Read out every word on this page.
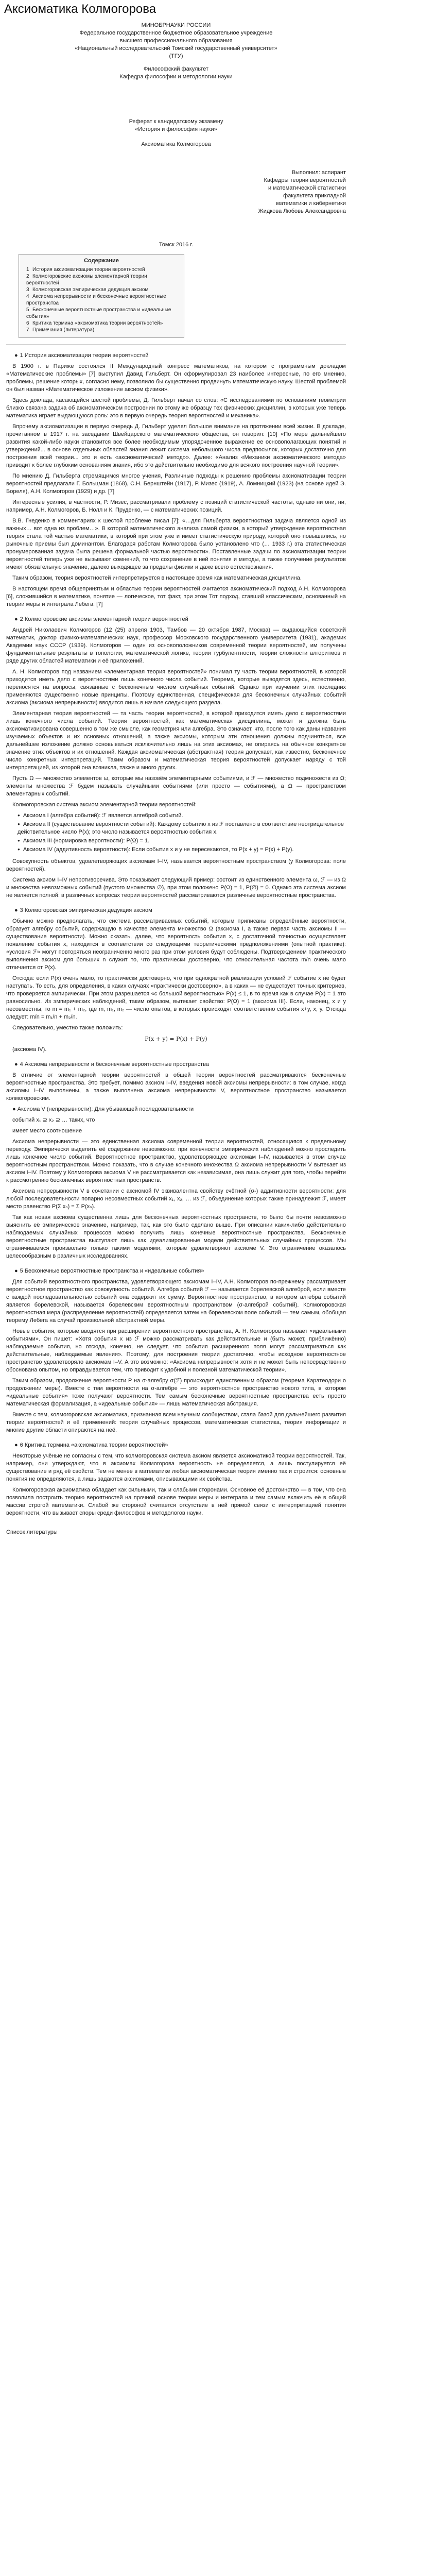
Аксиоматика Колмогорова

МИНОБРНАУКИ РОССИИ

Федеральное государственное бюджетное образовательное учреждение

высшего профессионального образования

«Национальный исследовательский Томский государственный университет»

(ТГУ)

Философский факультет

Кафедра философии и методологии науки

Реферат к кандидатскому экзамену

«История и философия науки»

Аксиоматика Колмогорова

Выполнил: аспирант

Кафедры теории вероятностей

и математической статистики

факультета прикладной

математики и кибернетики

Жидкова Любовь Александровна

Томск 2016 г.

Содержание
1 История аксиоматизации теории вероятностей
2 Колмогоровские аксиомы элементарной теории вероятностей
3 Колмогоровская эмпирическая дедукция аксиом
4 Аксиома непрерывности и бесконечные вероятностные пространства
5 Бесконечные вероятностные пространства и «идеальные события»
6 Критика термина «аксиоматика теории вероятностей»
7 Примечания (литература)
● 1 История аксиоматизации теории вероятностей

В 1900 г. в Париже состоялся II Международный конгресс математиков, на котором с программным докладом «Математические проблемы» [7] выступил Давид Гильберт. Он сформулировал 23 наиболее интересные, по его мнению, проблемы, решение которых, согласно нему, позволило бы существенно продвинуть математическую науку. Шестой проблемой он был назван «Математическое изложение аксиом физики».

Здесь доклада, касающейся шестой проблемы, Д. Гильберт начал со слов: «С исследованиями по основаниям геометрии близко связана задача об аксиоматическом построении по этому же образцу тех физических дисциплин, в которых уже теперь математика играет выдающуюся роль: это в первую очередь теория вероятностей и механика».

Впрочему аксиоматизации в первую очередь Д. Гильберт уделял большое внимание на протяжении всей жизни. В докладе, прочитанном в 1917 г. на заседании Швейцарского математического общества, он говорил: [10] «По мере дальнейшего развития какой-либо науки становится все более необходимым упорядоченное выражение ее основополагающих понятий и утверждений... в основе отдельных областей знания лежит система небольшого числа предпосылок, которых достаточно для построения всей теории... это и есть «аксиоматический метод»». Далее: «Анализ «Механики аксиоматического метода» приводит к более глубоким основаниям знания, ибо это действительно необходимо для всякого построения научной теории».

По мнению Д. Гильберта стремящимся многое учения, Различные подходы к решению проблемы аксиоматизации теории вероятностей предлагали Г. Больцман (1868), С.Н. Бернштейн (1917), Р. Мизес (1919), А. Ломницкий (1923) (на основе идей Э. Бореля), А.Н. Колмогоров (1929) и др. [7]

Интересные усилия, в частности, Р. Мизес, рассматривали проблему с позиций статистической частоты, однако ни они, ни, например, А.Н. Колмогоров, Б. Нолл и К. Пруденко, — с математических позиций.

В.В. Гнеденко в комментариях к шестой проблеме писал [7]: «…для Гильберта вероятностная задача является одной из важных… вот одна из проблем…». В которой математического анализа самой физики, а который утверждение вероятностная теория стала той частью математики, в которой при этом уже и имеет статистическую природу, которой оно повышались, но рыночные приемы был доминантом. Благодаря работам Колмогорова было установлено что (… 1933 г.) эта статистическая пронумерованная задача была решена формальной частью вероятности». Поставленные задачи по аксиоматизации теории вероятностей теперь уже не вызывают сомнений, то что сохранение в ней понятия и методы, а также получение результатов имеют обязательную значение, далеко выходящее за пределы физики и даже всего естествознания.

Таким образом, теория вероятностей интерпретируется в настоящее время как математическая дисциплина.

В настоящем время общепринятым и областью теории вероятностей считается аксиоматический подход А.Н. Колмогорова [6], сложившийся в математике, понятие — логическое, тот факт, при этом Тот подход, ставший классическим, основанный на теории меры и интеграла Лебега. [7]

● 2 Колмогоровские аксиомы элементарной теории вероятностей

Андрей Николаевич Колмогоров (12 (25) апреля 1903, Тамбов — 20 октября 1987, Москва) — выдающийся советский математик, доктор физико-математических наук, профессор Московского государственного университета (1931), академик Академии наук СССР (1939). Колмогоров — один из основоположников современной теории вероятностей, им получены фундаментальные результаты в топологии, математической логике, теории турбулентности, теории сложности алгоритмов и ряде других областей математики и её приложений.

А. Н. Колмогоров под названием «элементарная теория вероятностей» понимал ту часть теории вероятностей, в которой приходится иметь дело с вероятностями лишь конечного числа событий. Теорема, которые выводятся здесь, естественно, переносятся на вопросы, связанные с бесконечным числом случайных событий. Однако при изучении этих последних применяются существенно новые принципы. Поэтому единственная, специфическая для бесконечных случайных событий аксиома (аксиома непрерывности) вводится лишь в начале следующего раздела.

Элементарная теория вероятностей — та часть теории вероятностей, в которой приходится иметь дело с вероятностями лишь конечного числа событий. Теория вероятностей, как математическая дисциплина, может и должна быть аксиоматизирована совершенно в том же смысле, как геометрия или алгебра. Это означает, что, после того как даны названия изучаемых объектов и их основных отношений, а также аксиомы, которым эти отношения должны подчиняться, все дальнейшее изложение должно основываться исключительно лишь на этих аксиомах, не опираясь на обычное конкретное значение этих объектов и их отношений. Каждая аксиоматическая (абстрактная) теория допускает, как известно, бесконечное число конкретных интерпретаций. Таким образом и математическая теория вероятностей допускает наряду с той интерпретацией, из которой она возникла, также и много других.

Пусть Ω — множество элементов ω, которые мы назовём элементарными событиями, и ℱ — множество подмножеств из Ω; элементы множества ℱ будем называть случайными событиями (или просто — событиями), а Ω — пространством элементарных событий.

Колмогоровская система аксиом элементарной теории вероятностей:

● Аксиома I (алгебра событий): ℱ является алгеброй событий.
● Аксиома II (существование вероятности событий): Каждому событию x из ℱ поставлено в соответствие неотрицательное действительное число P(x); это число называется вероятностью события x.
● Аксиома III (нормировка вероятности): P(Ω) = 1.
● Аксиома IV (аддитивность вероятности): Если события x и y не пересекаются, то P(x + y) = P(x) + P(y).

Совокупность объектов, удовлетворяющих аксиомам I–IV, называется вероятностным пространством (у Колмогорова: поле вероятностей).

Система аксиом I–IV непротиворечива. Это показывает следующий пример: состоит из единственного элемента ω, ℱ — из Ω и множества невозможных событий (пустого множества ∅), при этом положено P(Ω) = 1, P(∅) = 0. Однако эта система аксиом не является полной: в различных вопросах теории вероятностей рассматриваются различные вероятностные пространства.

● 3 Колмогоровская эмпирическая дедукция аксиом

Обычно можно предполагать, что система рассматриваемых событий, которым приписаны определённые вероятности, образует алгебру событий, содержащую в качестве элемента множество Ω (аксиома I, а также первая часть аксиомы II — существование вероятности). Можно сказать, далее, что вероятность события x, с достаточной точностью осуществляет появление события x, находится в соответствии со следующими теоретическими предположениями (опытной практике): «условия ℱ» могут повторяться неограниченно много раз при этом условия будут соблюдены. Подтверждением практического выполнения аксиом для больших n служит то, что практически достоверно, что относительная частота m/n очень мало отличается от P(x).

Отсюда: если P(x) очень мало, то практически достоверно, что при однократной реализации условий ℱ событие x не будет наступать. То есть, для определения, в каких случаях «практически достоверно», а в каких — не существует точных критериев, что проверяется эмпирически. При этом разрешается «с большой вероятностью» P(x) ≤ 1, в то время как в случае P(x) = 1 это равносильно. Из эмпирических наблюдений, таким образом, вытекает свойство: P(Ω) = 1 (аксиома III). Если, наконец, x и y несовместны, то m = m₁ + m₂, где m, m₁, m₂ — число опытов, в которых происходят соответственно события x+y, x, y. Отсюда следует: m/n = m₁/n + m₂/n.

Следовательно, уместно также положить:

P(x + y) = P(x) + P(y)

(аксиома IV).

● 4 Аксиома непрерывности и бесконечные вероятностные пространства

В отличие от элементарной теории вероятностей в общей теории вероятностей рассматриваются бесконечные вероятностные пространства. Это требует, помимо аксиом I–IV, введения новой аксиомы непрерывности: в том случае, когда аксиомы I–IV выполнены, а также выполнена аксиома непрерывности V, вероятностное пространство называется колмогоровским.

● Аксиома V (непрерывности): Для убывающей последовательности

событий x₁ ⊇ x₂ ⊇ … таких, что

имеет место соотношение

Аксиома непрерывности — это единственная аксиома современной теории вероятностей, относящаяся к предельному переходу. Эмпирически выделить её содержание невозможно: при конечности эмпирических наблюдений можно проследить лишь конечное число событий. Вероятностное пространство, удовлетворяющее аксиомам I–IV, называется в этом случае вероятностным пространством. Можно показать, что в случае конечного множества Ω аксиома непрерывности V вытекает из аксиом I–IV. Поэтому у Колмогорова аксиома V не рассматривается как независимая, она лишь служит для того, чтобы перейти к рассмотрению бесконечных вероятностных пространств.

Аксиома непрерывности V в сочетании с аксиомой IV эквивалентна свойству счётной (σ-) аддитивности вероятности: для любой последовательности попарно несовместных событий x₁, x₂, … из ℱ, объединение которых также принадлежит ℱ, имеет место равенство P(Σ xₙ) = Σ P(xₙ).

Так как новая аксиома существенна лишь для бесконечных вероятностных пространств, то было бы почти невозможно выяснить её эмпирическое значение, например, так, как это было сделано выше. При описании каких-либо действительно наблюдаемых случайных процессов можно получить лишь конечные вероятностные пространства. Бесконечные вероятностные пространства выступают лишь как идеализированные модели действительных случайных процессов. Мы ограничиваемся произвольно только такими моделями, которые удовлетворяют аксиоме V. Это ограничение оказалось целесообразным в различных исследованиях.

● 5 Бесконечные вероятностные пространства и «идеальные события»

Для событий вероятностного пространства, удовлетворяющего аксиомам I–IV, A.Н. Колмогоров по-прежнему рассматривает вероятностное пространство как совокупность событий. Алгебра событий ℱ — называется борелевской алгеброй, если вместе с каждой последовательностью событий она содержит их сумму. Вероятностное пространство, в котором алгебра событий является борелевской, называется борелевским вероятностным пространством (σ-алгеброй событий). Колмогоровская вероятностная мера (распределение вероятностей) определяется затем на борелевском поле событий — тем самым, обобщая теорему Лебега на случай произвольной абстрактной меры.

Новые события, которые вводятся при расширении вероятностного пространства, A. Н. Колмогоров называет «идеальными событиями». Он пишет: «Хотя события x из ℱ можно рассматривать как действительные и (быть может, приближённо) наблюдаемые события, но отсюда, конечно, не следует, что события расширенного поля могут рассматриваться как действительные, наблюдаемые явления». Поэтому, для построения теории достаточно, чтобы исходное вероятностное пространство удовлетворяло аксиомам I–V. А это возможно: «Аксиома непрерывности хотя и не может быть непосредственно обоснована опытом, но оправдывается тем, что приводит к удобной и полезной математической теории».

Таким образом, продолжение вероятности P на σ-алгебру σ(ℱ) происходит единственным образом (теорема Каратеодори о продолжении меры). Вместе с тем вероятности на σ-алгебре — это вероятностное пространство нового типа, в котором «идеальные события» тоже получают вероятности. Тем самым бесконечные вероятностные пространства есть просто математическая формализация, а «идеальные события» — лишь математическая абстракция.

Вместе с тем, колмогоровская аксиоматика, признанная всем научным сообществом, стала базой для дальнейшего развития теории вероятностей и её применений: теория случайных процессов, математическая статистика, теория информации и многие другие области опираются на неё.

● 6 Критика термина «аксиоматика теории вероятностей»

Некоторые учёные не согласны с тем, что колмогоровская система аксиом является аксиоматикой теории вероятностей. Так, например, они утверждают, что в аксиомах Колмогорова вероятность не определяется, а лишь постулируется её существование и ряд её свойств. Тем не менее в математике любая аксиоматическая теория именно так и строится: основные понятия не определяются, а лишь задаются аксиомами, описывающими их свойства.

Колмогоровская аксиоматика обладает как сильными, так и слабыми сторонами. Основное её достоинство — в том, что она позволила построить теорию вероятностей на прочной основе теории меры и интеграла и тем самым включить её в общий массив строгой математики. Слабой же стороной считается отсутствие в ней прямой связи с интерпретацией понятия вероятности, что вызывает споры среди философов и методологов науки.

Список литературы
